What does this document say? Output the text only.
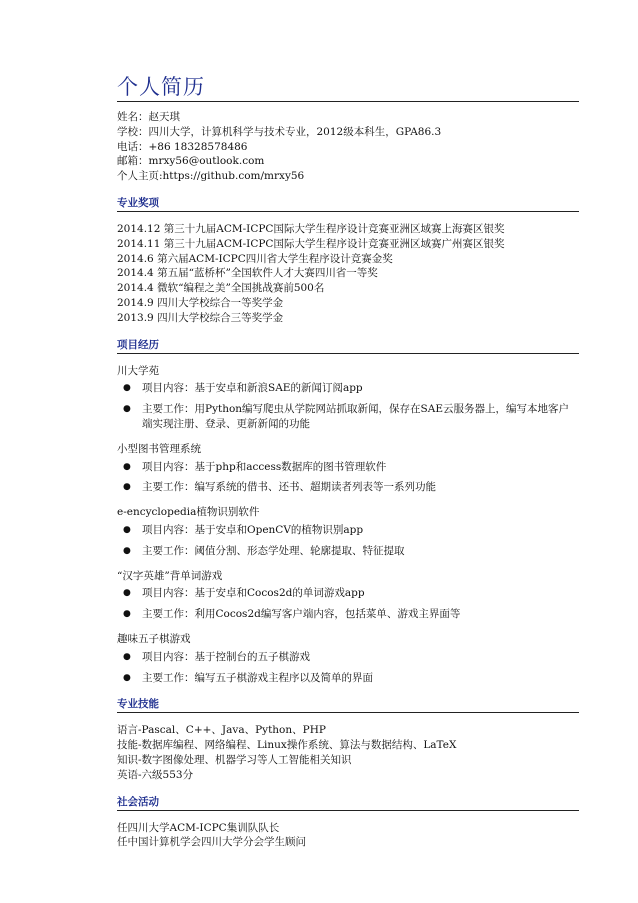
个人简历
姓名：赵天琪
学校：四川大学，计算机科学与技术专业，2012级本科生，GPA86.3
电话：+86 18328578486
邮箱：mrxy56@outlook.com
个人主页:https://github.com/mrxy56
专业奖项
2014.12 第三十九届ACM-ICPC国际大学生程序设计竞赛亚洲区域赛上海赛区银奖
2014.11 第三十九届ACM-ICPC国际大学生程序设计竞赛亚洲区域赛广州赛区银奖
2014.6 第六届ACM-ICPC四川省大学生程序设计竞赛金奖
2014.4 第五届“蓝桥杯”全国软件人才大赛四川省一等奖
2014.4 微软“编程之美”全国挑战赛前500名
2014.9 四川大学校综合一等奖学金
2013.9 四川大学校综合三等奖学金
项目经历
川大学苑
● 项目内容：基于安卓和新浪SAE的新闻订阅app
● 主要工作：用Python编写爬虫从学院网站抓取新闻，保存在SAE云服务器上，编写本地客户端实现注册、登录、更新新闻的功能
小型图书管理系统
● 项目内容：基于php和access数据库的图书管理软件
● 主要工作：编写系统的借书、还书、超期读者列表等一系列功能
e-encyclopedia植物识别软件
● 项目内容：基于安卓和OpenCV的植物识别app
● 主要工作：阈值分割、形态学处理、轮廓提取、特征提取
“汉字英雄”背单词游戏
● 项目内容：基于安卓和Cocos2d的单词游戏app
● 主要工作：利用Cocos2d编写客户端内容，包括菜单、游戏主界面等
趣味五子棋游戏
● 项目内容：基于控制台的五子棋游戏
● 主要工作：编写五子棋游戏主程序以及简单的界面
专业技能
语言-Pascal、C++、Java、Python、PHP
技能-数据库编程、网络编程、Linux操作系统、算法与数据结构、LaTeX
知识-数字图像处理、机器学习等人工智能相关知识
英语-六级553分
社会活动
任四川大学ACM-ICPC集训队队长
任中国计算机学会四川大学分会学生顾问
